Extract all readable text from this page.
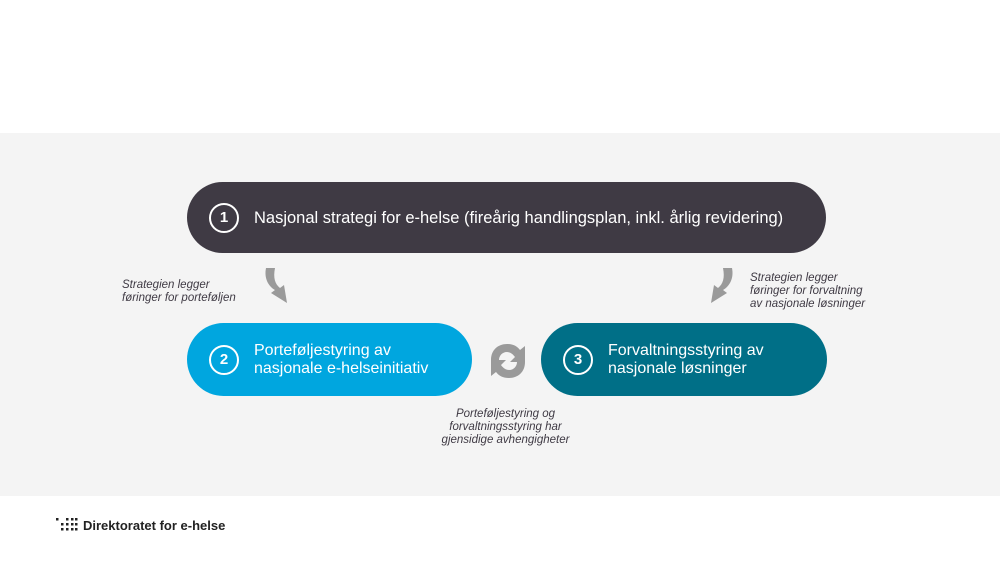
1	Nasjonal strategi for e-helse (fireårig handlingsplan, inkl. årlig revidering)
2
Porteføljestyring av
nasjonale e-helseinitiativ	3
Forvaltningsstyring av
nasjonale løsninger
Strategien legger
føringer for porteføljen
Strategien legger
føringer for forvaltning
av nasjonale løsninger
Porteføljestyring og
forvaltningsstyring har
gjensidige avhengigheter
Direktoratet for e-helse
